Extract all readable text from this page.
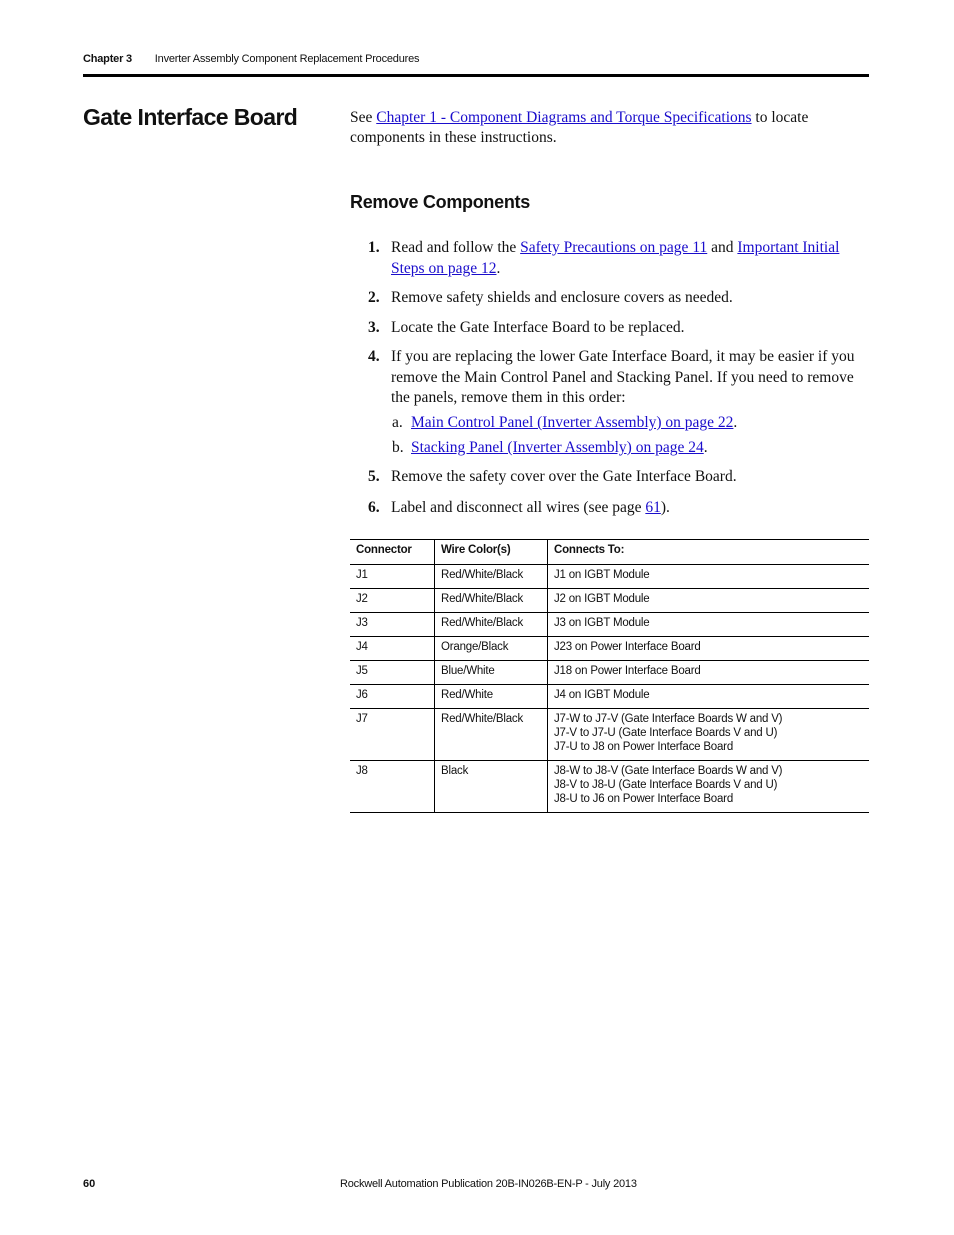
Chapter 3 Inverter Assembly Component Replacement Procedures
Gate Interface Board	See Chapter 1 - Component Diagrams and Torque Specifications to locate components in these instructions.

Remove Components
1. Read and follow the Safety Precautions on page 11 and Important Initial Steps on page 12.
2. Remove safety shields and enclosure covers as needed.
3. Locate the Gate Interface Board to be replaced.
4. If you are replacing the lower Gate Interface Board, it may be easier if you remove the Main Control Panel and Stacking Panel. If you need to remove the panels, remove them in this order:
a. Main Control Panel (Inverter Assembly) on page 22.
b. Stacking Panel (Inverter Assembly) on page 24.
5. Remove the safety cover over the Gate Interface Board.
6. Label and disconnect all wires (see page 61).
Connector	Wire Color(s)	Connects To:
J1	Red/White/Black	J1 on IGBT Module
J2	Red/White/Black	J2 on IGBT Module
J3	Red/White/Black	J3 on IGBT Module
J4	Orange/Black	J23 on Power Interface Board
J5	Blue/White	J18 on Power Interface Board
J6	Red/White	J4 on IGBT Module
J7	Red/White/Black	J7-W to J7-V (Gate Interface Boards W and V)
J7-V to J7-U (Gate Interface Boards V and U)
J7-U to J8 on Power Interface Board

J8	Black	J8-W to J8-V (Gate Interface Boards W and V)
J8-V to J8-U (Gate Interface Boards V and U)
J8-U to J6 on Power Interface Board
60	Rockwell Automation Publication 20B-IN026B-EN-P - July 2013
